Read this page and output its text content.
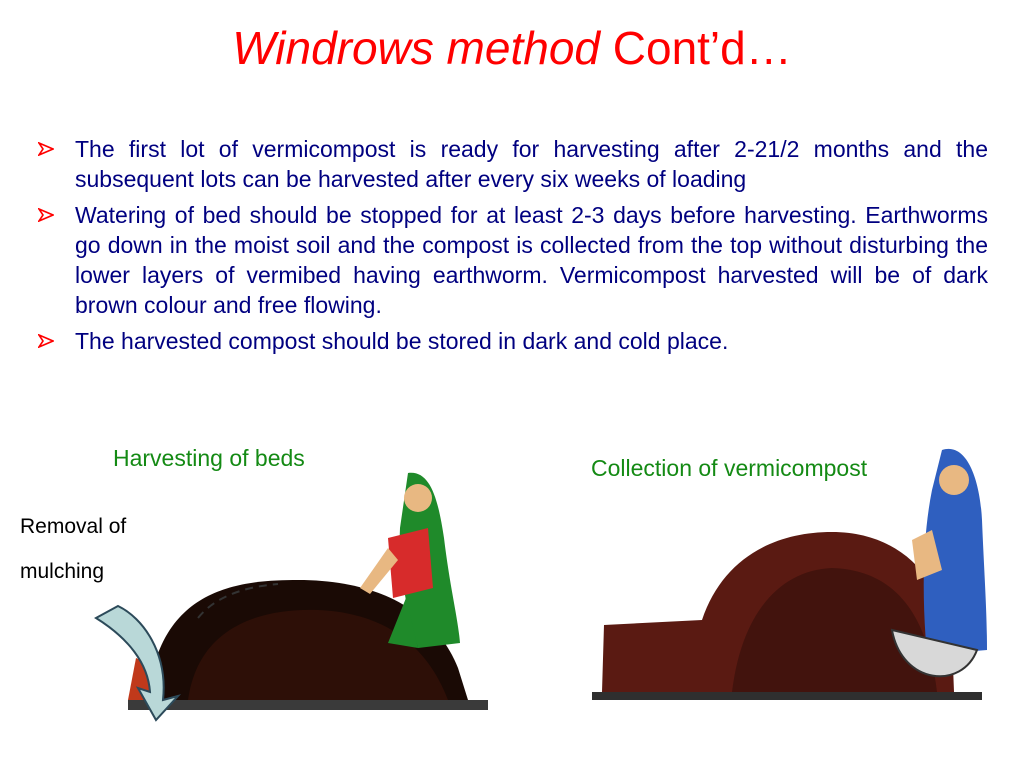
Windrows method Cont’d…
The first lot of vermicompost is ready for harvesting after 2-21/2 months and the subsequent lots can be harvested after every six weeks of loading
Watering of bed should be stopped for at least 2-3 days before harvesting. Earthworms go down in the moist soil and the compost is collected from the top without disturbing the lower layers of vermibed having earthworm. Vermicompost harvested will be of dark brown colour and free flowing.
The harvested compost should be stored in dark and cold place.
Harvesting of beds	Collection of vermicompost
Removal of
mulching
